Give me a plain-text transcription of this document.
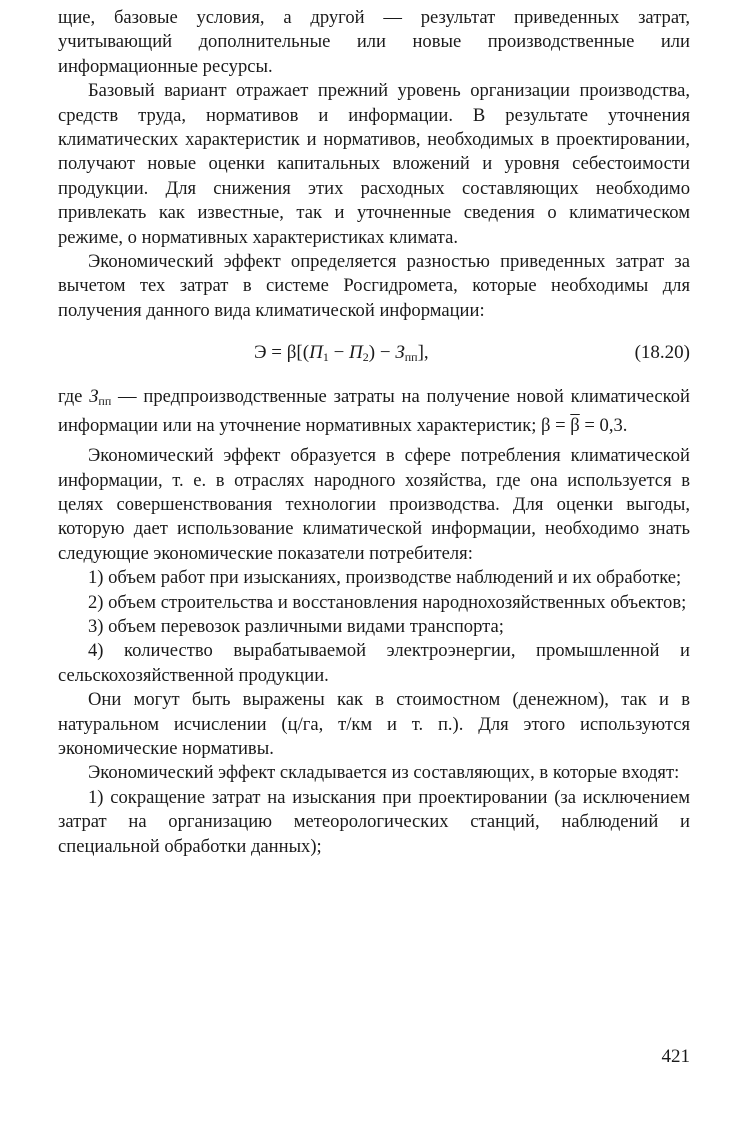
щие, базовые условия, а другой — результат приведенных затрат, учитывающий дополнительные или новые производственные или информационные ресурсы.

Базовый вариант отражает прежний уровень организации производства, средств труда, нормативов и информации. В результате уточнения климатических характеристик и нормативов, необходимых в проектировании, получают новые оценки капитальных вложений и уровня себестоимости продукции. Для снижения этих расходных составляющих необходимо привлекать как известные, так и уточненные сведения о климатическом режиме, о нормативных характеристиках климата.

Экономический эффект определяется разностью приведенных затрат за вычетом тех затрат в системе Росгидромета, которые необходимы для получения данного вида климатической информации:

$Э = \beta[(П_1 - П_2) - З_{пп}]$,	(18.20)

где $З_{пп}$ — предпроизводственные затраты на получение новой климатической информации или на уточнение нормативных характеристик; $\beta = \overline{\beta} = 0,3$.

Экономический эффект образуется в сфере потребления климатической информации, т. е. в отраслях народного хозяйства, где она используется в целях совершенствования технологии производства. Для оценки выгоды, которую дает использование климатической информации, необходимо знать следующие экономические показатели потребителя:

1) объем работ при изысканиях, производстве наблюдений и их обработке;

2) объем строительства и восстановления народнохозяйственных объектов;

3) объем перевозок различными видами транспорта;

4) количество вырабатываемой электроэнергии, промышленной и сельскохозяйственной продукции.

Они могут быть выражены как в стоимостном (денежном), так и в натуральном исчислении (ц/га, т/км и т. п.). Для этого используются экономические нормативы.

Экономический эффект складывается из составляющих, в которые входят:

1) сокращение затрат на изыскания при проектировании (за исключением затрат на организацию метеорологических станций, наблюдений и специальной обработки данных);

421
